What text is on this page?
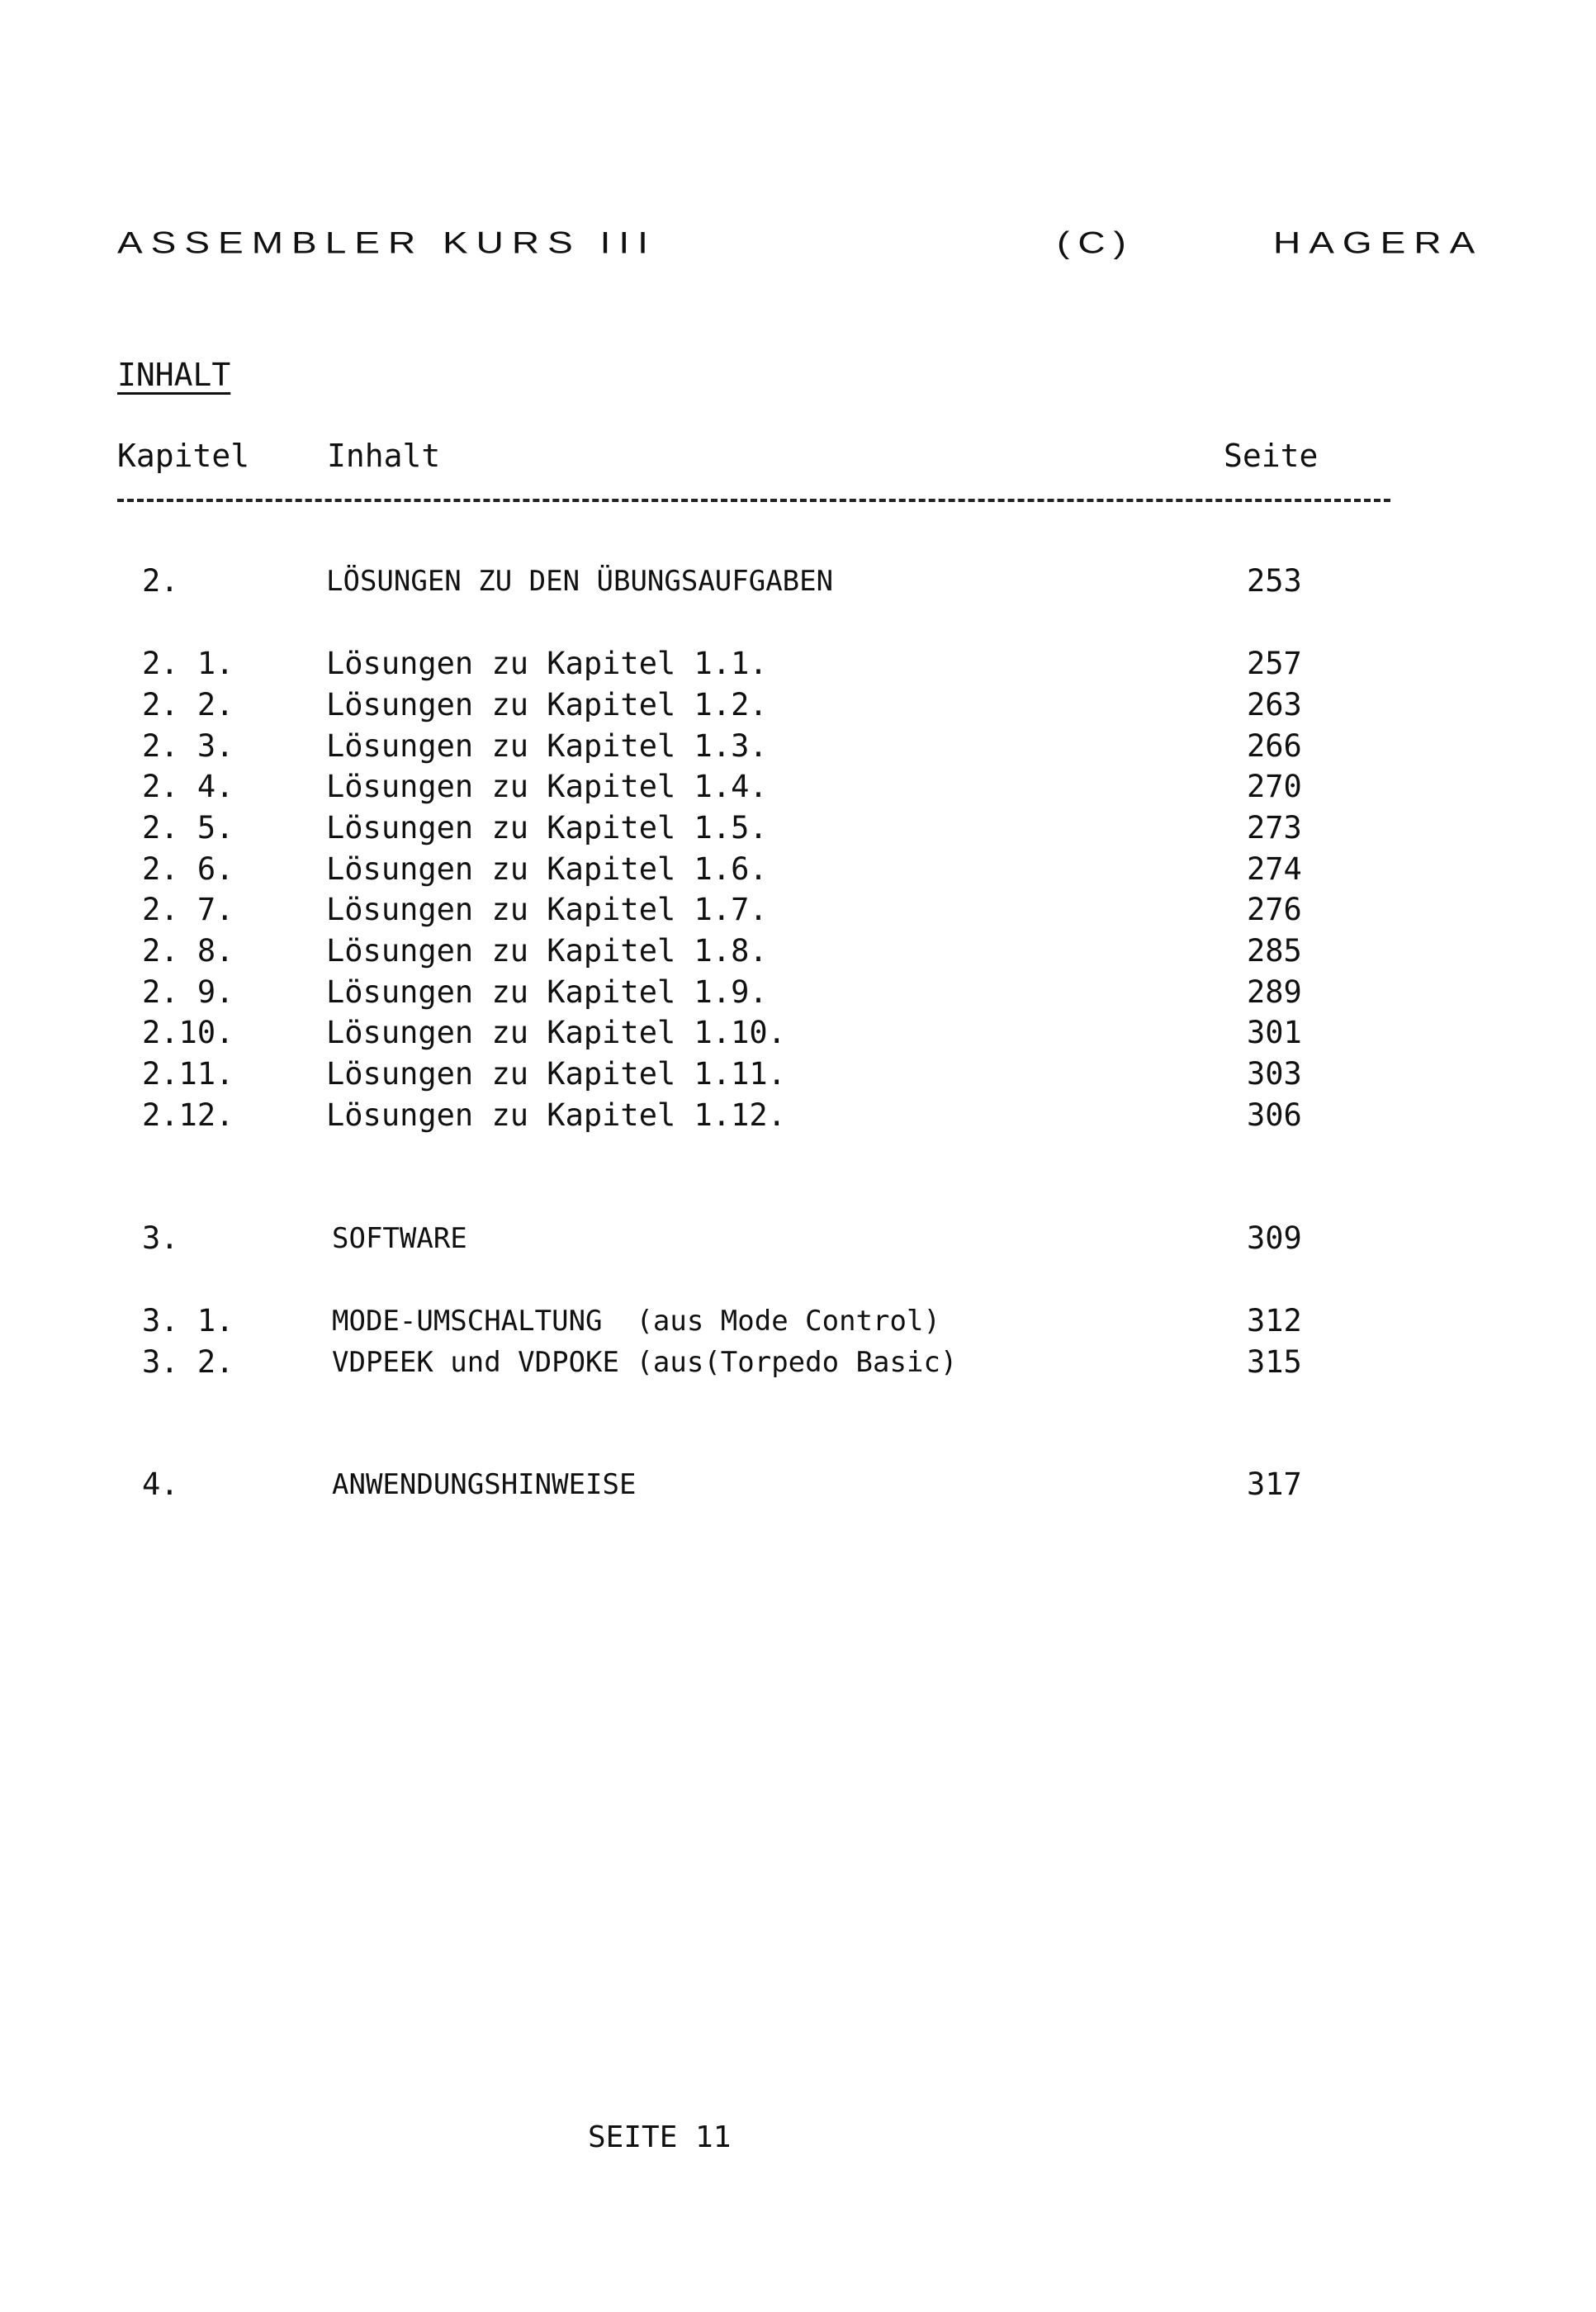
ASSEMBLER KURS III	(C)	HAGERA
INHALT
Kapitel Inhalt	Seite
2.	LÖSUNGEN ZU DEN ÜBUNGSAUFGABEN	253
2. 1.	Lösungen zu Kapitel 1.1.	257
2. 2.	Lösungen zu Kapitel 1.2.	263
2. 3.	Lösungen zu Kapitel 1.3.	266
2. 4.	Lösungen zu Kapitel 1.4.	270
2. 5.	Lösungen zu Kapitel 1.5.	273
2. 6.	Lösungen zu Kapitel 1.6.	274
2. 7.	Lösungen zu Kapitel 1.7.	276
2. 8.	Lösungen zu Kapitel 1.8.	285
2. 9.	Lösungen zu Kapitel 1.9.	289
2.10.	Lösungen zu Kapitel 1.10.	301
2.11.	Lösungen zu Kapitel 1.11.	303
2.12.	Lösungen zu Kapitel 1.12.	306
3.	SOFTWARE	309
3. 1.	MODE-UMSCHALTUNG  (aus Mode Control)	312
3. 2.	VDPEEK und VDPOKE (aus(Torpedo Basic)	315
4.	ANWENDUNGSHINWEISE	317
SEITE 11
